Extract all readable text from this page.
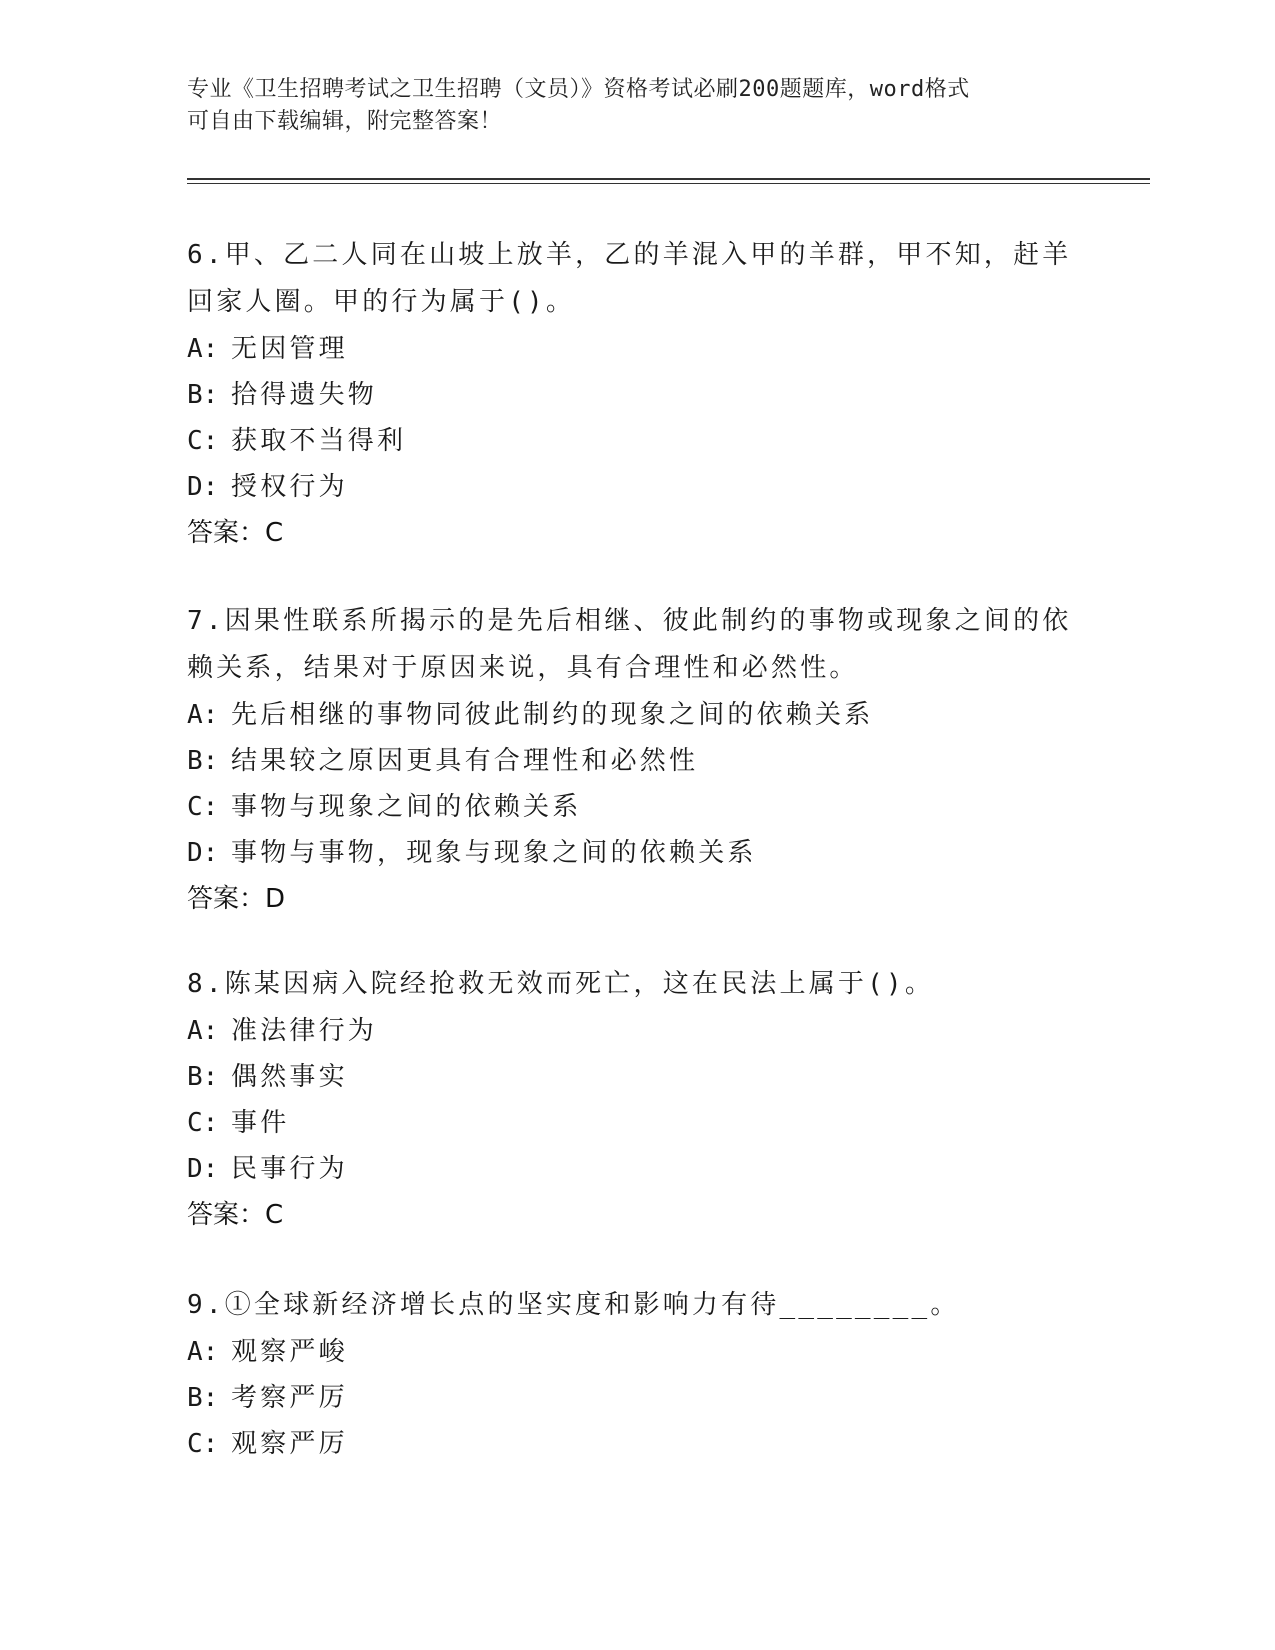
专业《卫生招聘考试之卫生招聘（文员）》资格考试必刷200题题库，word格式
可自由下载编辑，附完整答案！
6.甲、乙二人同在山坡上放羊，乙的羊混入甲的羊群，甲不知，赶羊回家人圈。甲的行为属于()。
A: 无因管理
B: 拾得遗失物
C: 获取不当得利
D: 授权行为
答案：C
7.因果性联系所揭示的是先后相继、彼此制约的事物或现象之间的依赖关系，结果对于原因来说，具有合理性和必然性。
A: 先后相继的事物同彼此制约的现象之间的依赖关系
B: 结果较之原因更具有合理性和必然性
C: 事物与现象之间的依赖关系
D: 事物与事物，现象与现象之间的依赖关系
答案：D
8.陈某因病入院经抢救无效而死亡，这在民法上属于()。
A: 准法律行为
B: 偶然事实
C: 事件
D: 民事行为
答案：C
9.①全球新经济增长点的坚实度和影响力有待________。
A: 观察严峻
B: 考察严厉
C: 观察严厉
